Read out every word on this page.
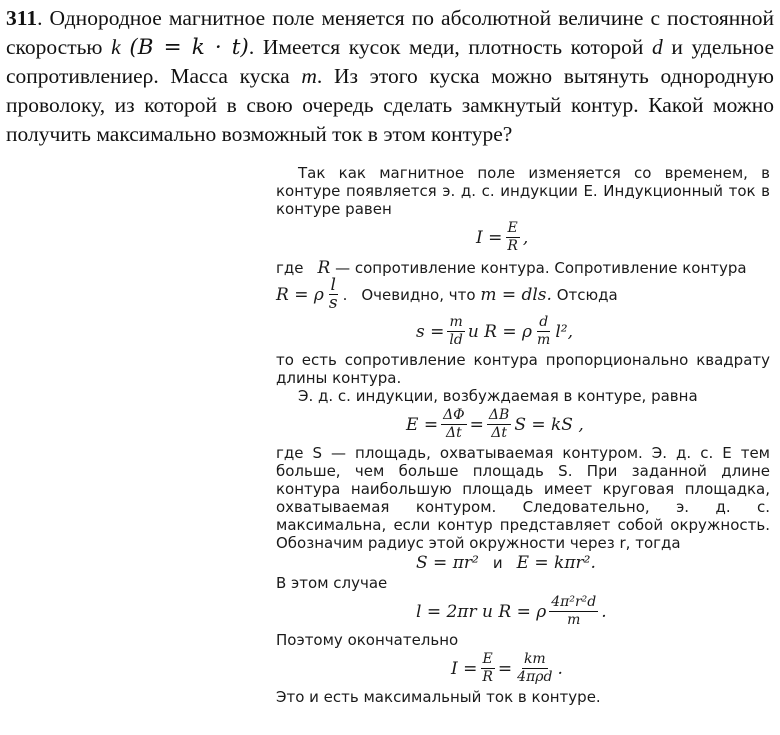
311. Однородное магнитное поле меняется по абсолютной величине с постоянной скоростью k (B = k · t). Имеется кусок меди, плотность которой d и удельное сопротивлениеρ. Масса куска m. Из этого куска можно вытянуть однородную проволоку, из которой в свою очередь сделать замкнутый контур. Какой можно получить максимально возможный ток в этом контуре?

Так как магнитное поле изменяется со временем, в контуре появляется э. д. с. индукции E. Индукционный ток в контуре равен

$I = \frac{E}{R}$ ,
где R
— сопротивление контура. Сопротивление контура
R = ρ $\frac{l}{s}$ . Очевидно, что
m = dls.
Отсюда
$s = \frac{m}{ld}$ и R = ρ $\frac{d}{m} l^2$,

то есть сопротивление контура пропорционально квадрату длины контура.

Э. д. с. индукции, возбуждаемая в контуре, равна

$E = \frac{\Delta\Phi}{\Delta t} = \frac{\Delta B}{\Delta t}$ S = kS ,

где S — площадь, охватываемая контуром. Э. д. с. E тем больше, чем больше площадь S. При заданной длине контура наибольшую площадь имеет круговая площадка, охватываемая контуром. Следовательно, э. д. с. максимальна, если контур представляет собой окружность. Обозначим радиус этой окружности через r, тогда

S = πr² и E = kπr².

В этом случае

l = 2πr и R = ρ $\frac{\text{4π²r²d}}{m}$ .

Поэтому окончательно

$I = \frac{E}{R} = \frac{km}{\text{4πρd}}$ .

Это и есть максимальный ток в контуре.
